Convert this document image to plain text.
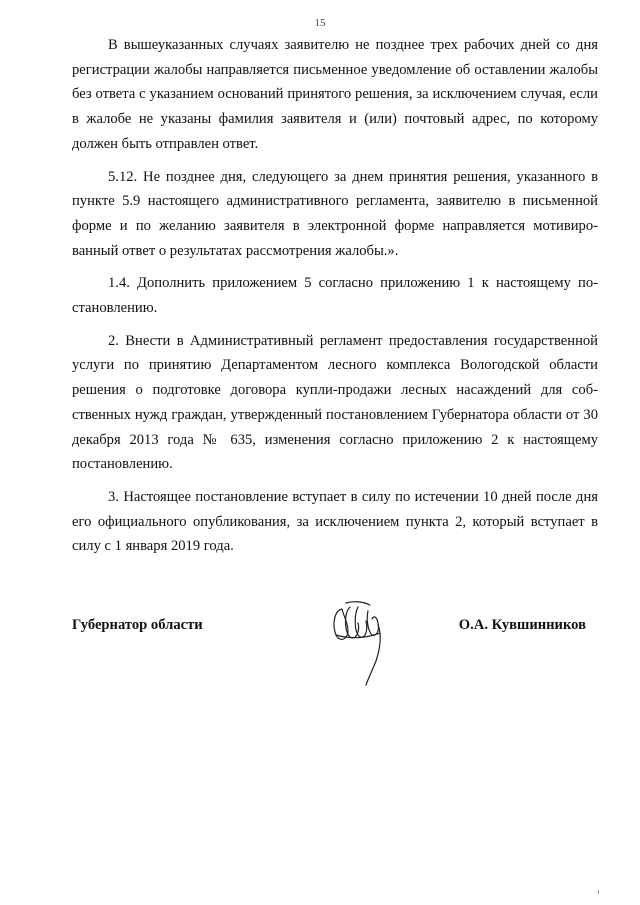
15

В вышеуказанных случаях заявителю не позднее трех рабочих дней со дня регистрации жалобы направляется письменное уведомление об оставлении жалобы без ответа с указанием оснований принятого решения, за исключением случая, если в жалобе не указаны фамилия заявителя и (или) почтовый адрес, по которому должен быть отправлен ответ.

5.12. Не позднее дня, следующего за днем принятия решения, указанного в пункте 5.9 настоящего административного регламента, заявителю в письменной форме и по желанию заявителя в электронной форме направляется мотивированный ответ о результатах рассмотрения жалобы.».

1.4. Дополнить приложением 5 согласно приложению 1 к настоящему постановлению.

2. Внести в Административный регламент предоставления государственной услуги по принятию Департаментом лесного комплекса Вологодской области решения о подготовке договора купли-продажи лесных насаждений для собственных нужд граждан, утвержденный постановлением Губернатора области от 30 декабря 2013 года № 635, изменения согласно приложению 2 к настоящему постановлению.

3. Настоящее постановление вступает в силу по истечении 10 дней после дня его официального опубликования, за исключением пункта 2, который вступает в силу с 1 января 2019 года.

Губернатор области	О.А. Кувшинников
